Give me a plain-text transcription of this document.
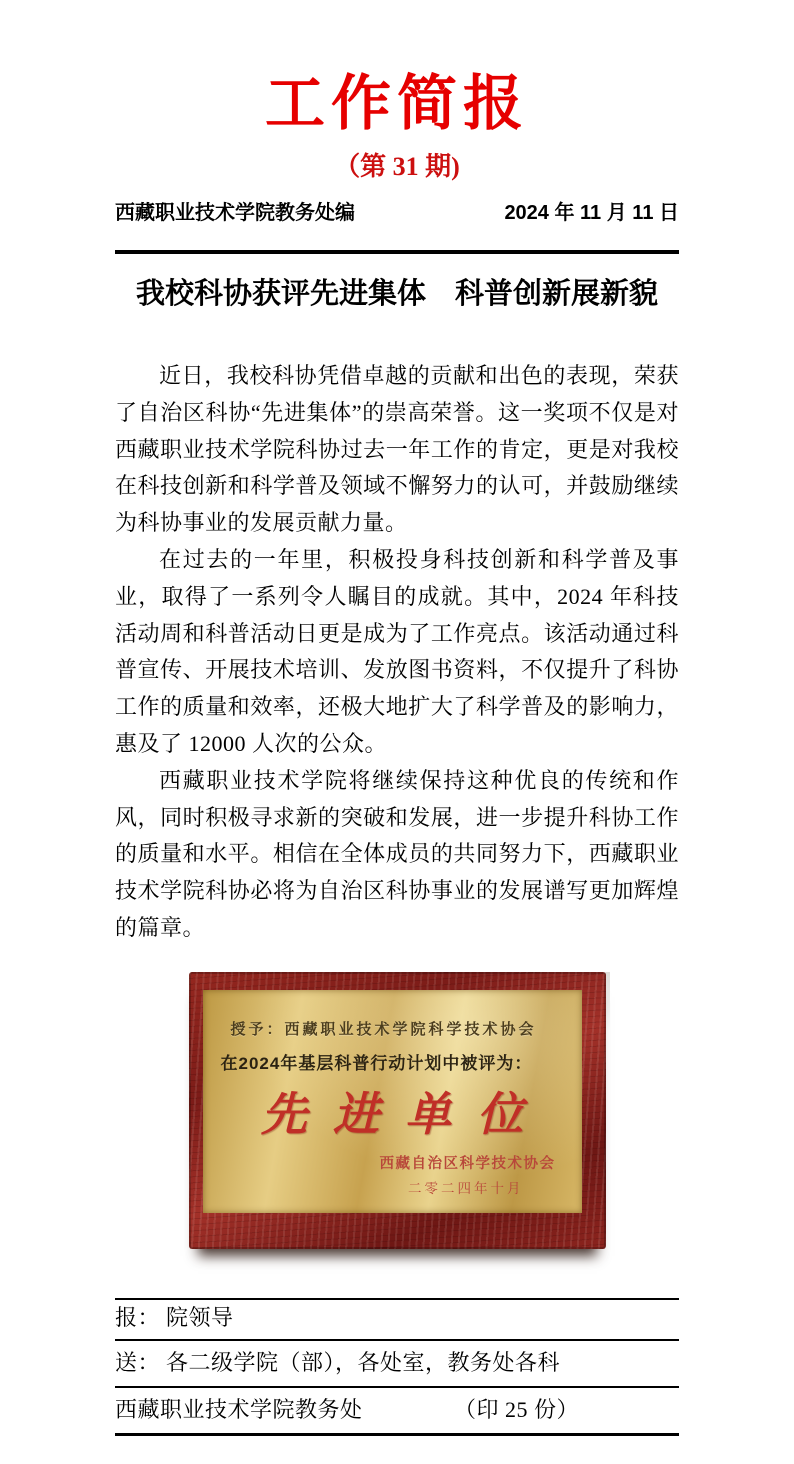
工作简报
（第 31 期)
西藏职业技术学院教务处编	2024 年 11 月 11 日
我校科协获评先进集体　科普创新展新貌

近日，我校科协凭借卓越的贡献和出色的表现，荣获了自治区科协“先进集体”的崇高荣誉。这一奖项不仅是对西藏职业技术学院科协过去一年工作的肯定，更是对我校在科技创新和科学普及领域不懈努力的认可，并鼓励继续为科协事业的发展贡献力量。

在过去的一年里，积极投身科技创新和科学普及事业，取得了一系列令人瞩目的成就。其中，2024 年科技活动周和科普活动日更是成为了工作亮点。该活动通过科普宣传、开展技术培训、发放图书资料，不仅提升了科协工作的质量和效率，还极大地扩大了科学普及的影响力，惠及了 12000 人次的公众。

西藏职业技术学院将继续保持这种优良的传统和作风，同时积极寻求新的突破和发展，进一步提升科协工作的质量和水平。相信在全体成员的共同努力下，西藏职业技术学院科协必将为自治区科协事业的发展谱写更加辉煌的篇章。

授予：西藏职业技术学院科学技术协会
在2024年基层科普行动计划中被评为：
先进单位
西藏自治区科学技术协会
二零二四年十月
报： 院领导
送： 各二级学院（部），各处室，教务处各科
西藏职业技术学院教务处	（印 25 份）
